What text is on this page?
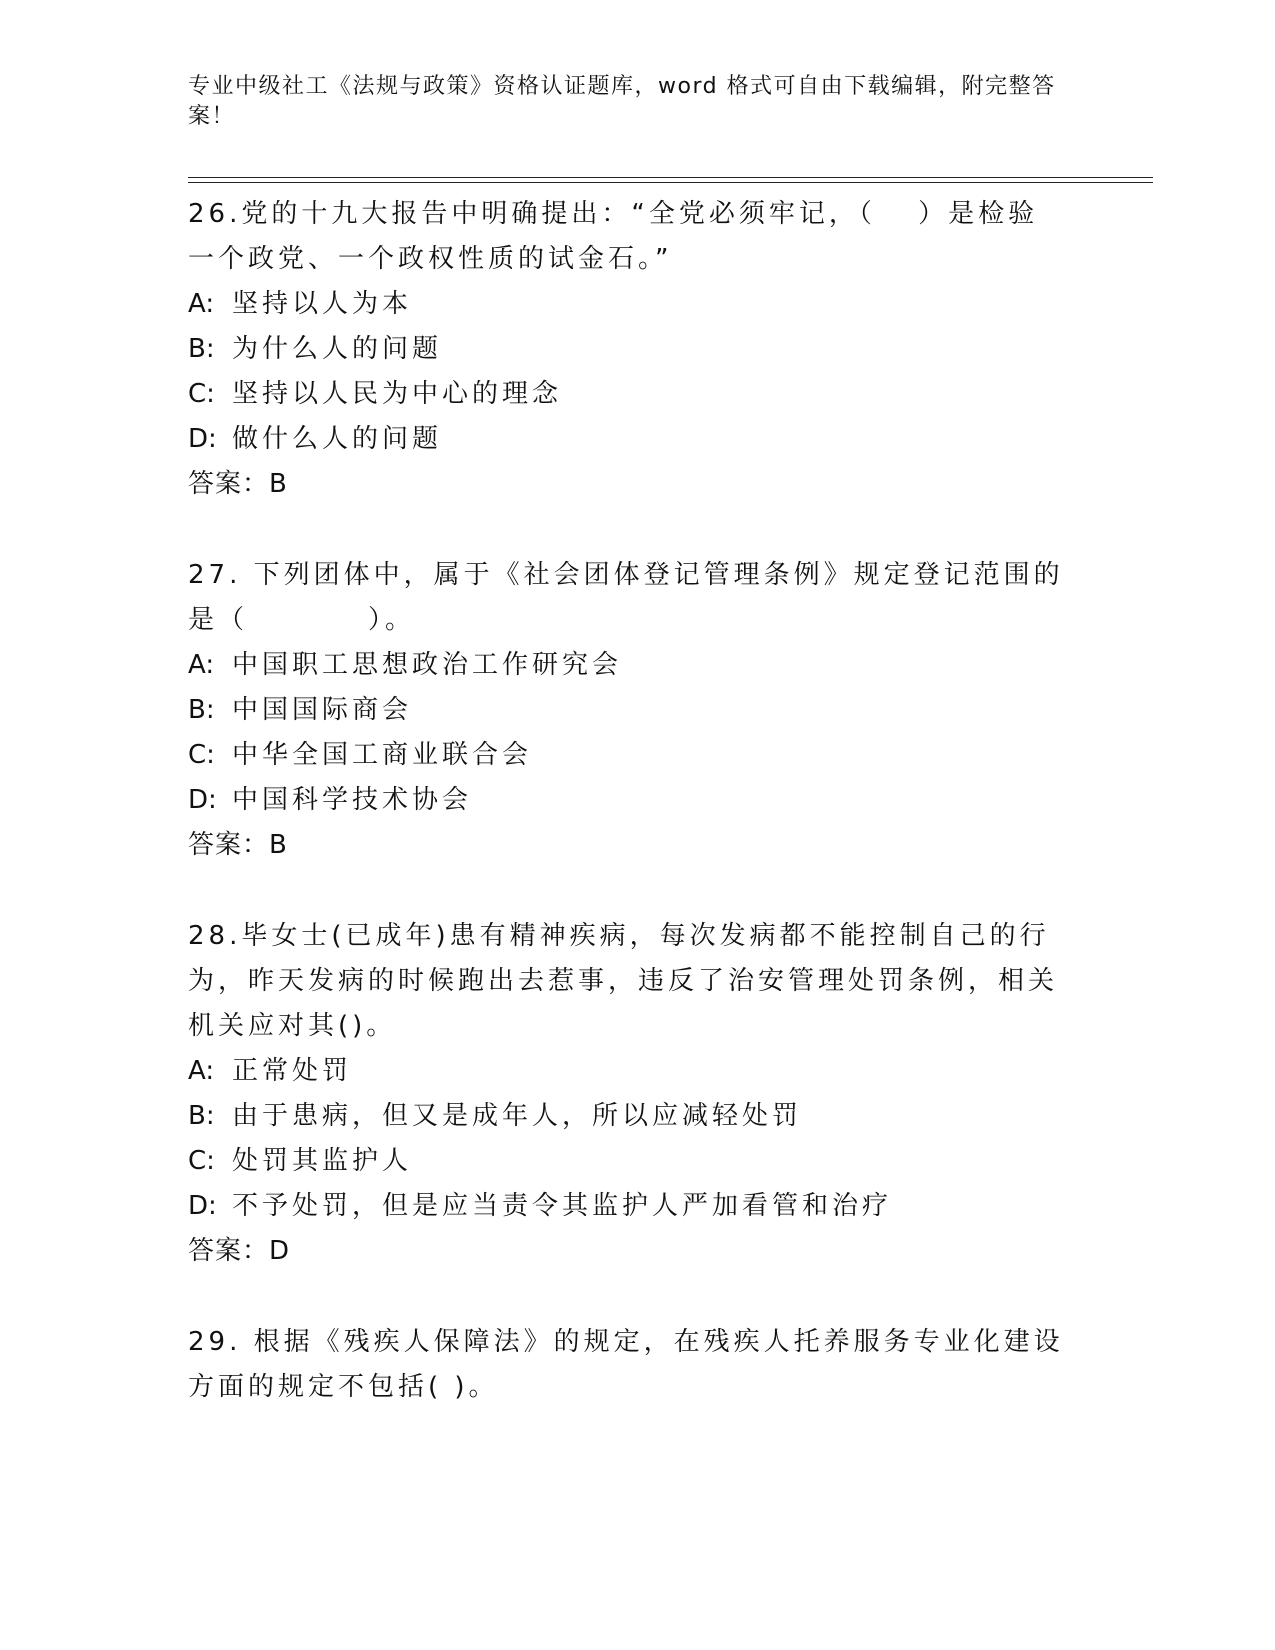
专业中级社工《法规与政策》资格认证题库，word 格式可自由下载编辑，附完整答案！

26.党的十九大报告中明确提出：“全党必须牢记，（　 ）是检验一个政党、一个政权性质的试金石。”

A: 坚持以人为本
B: 为什么人的问题
C: 坚持以人民为中心的理念
D: 做什么人的问题
答案：B

27. 下列团体中，属于《社会团体登记管理条例》规定登记范围的是（　　　　）。

A: 中国职工思想政治工作研究会
B: 中国国际商会
C: 中华全国工商业联合会
D: 中国科学技术协会
答案：B

28.毕女士(已成年)患有精神疾病，每次发病都不能控制自己的行为，昨天发病的时候跑出去惹事，违反了治安管理处罚条例，相关机关应对其()。

A: 正常处罚
B: 由于患病，但又是成年人，所以应减轻处罚
C: 处罚其监护人
D: 不予处罚，但是应当责令其监护人严加看管和治疗
答案：D

29. 根据《残疾人保障法》的规定，在残疾人托养服务专业化建设方面的规定不包括( )。
